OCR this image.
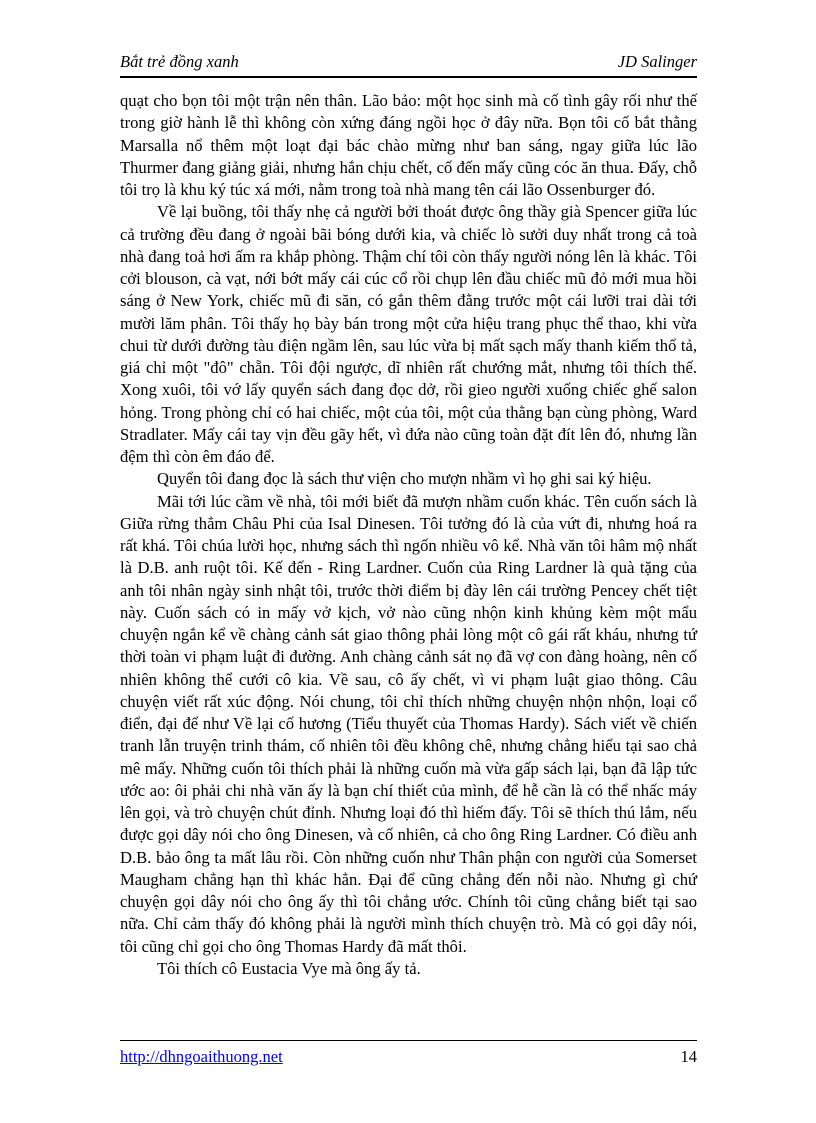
Bắt trẻ đồng xanh	JD Salinger

quạt cho bọn tôi một trận nên thân. Lão bảo: một học sinh mà cố tình gây rối như thế trong giờ hành lễ thì không còn xứng đáng ngồi học ở đây nữa. Bọn tôi cố bắt thằng Marsalla nổ thêm một loạt đại bác chào mừng như ban sáng, ngay giữa lúc lão Thurmer đang giảng giải, nhưng hắn chịu chết, cố đến mấy cũng cóc ăn thua. Đấy, chỗ tôi trọ là khu ký túc xá mới, nằm trong toà nhà mang tên cái lão Ossenburger đó.

Về lại buồng, tôi thấy nhẹ cả người bởi thoát được ông thầy già Spencer giữa lúc cả trường đều đang ở ngoài bãi bóng dưới kia, và chiếc lò sưởi duy nhất trong cả toà nhà đang toả hơi ấm ra khắp phòng. Thậm chí tôi còn thấy người nóng lên là khác. Tôi cởi blouson, cà vạt, nới bớt mấy cái cúc cổ rồi chụp lên đầu chiếc mũ đỏ mới mua hồi sáng ở New York, chiếc mũ đi săn, có gắn thêm đằng trước một cái lưỡi trai dài tới mười lăm phân. Tôi thấy họ bày bán trong một cửa hiệu trang phục thể thao, khi vừa chui từ dưới đường tàu điện ngầm lên, sau lúc vừa bị mất sạch mấy thanh kiếm thổ tả, giá chỉ một "đô" chẵn. Tôi đội ngược, dĩ nhiên rất chướng mắt, nhưng tôi thích thế. Xong xuôi, tôi vớ lấy quyển sách đang đọc dở, rồi gieo người xuống chiếc ghế salon hỏng. Trong phòng chỉ có hai chiếc, một của tôi, một của thằng bạn cùng phòng, Ward Stradlater. Mấy cái tay vịn đều gãy hết, vì đứa nào cũng toàn đặt đít lên đó, nhưng lần đệm thì còn êm đáo để.

Quyển tôi đang đọc là sách thư viện cho mượn nhầm vì họ ghi sai ký hiệu.

Mãi tới lúc cầm về nhà, tôi mới biết đã mượn nhầm cuốn khác. Tên cuốn sách là Giữa rừng thẳm Châu Phi của Isal Dinesen. Tôi tưởng đó là của vứt đi, nhưng hoá ra rất khá. Tôi chúa lười học, nhưng sách thì ngốn nhiều vô kể. Nhà văn tôi hâm mộ nhất là D.B. anh ruột tôi. Kế đến - Ring Lardner. Cuốn của Ring Lardner là quà tặng của anh tôi nhân ngày sinh nhật tôi, trước thời điểm bị đày lên cái trường Pencey chết tiệt này. Cuốn sách có in mấy vở kịch, vở nào cũng nhộn kinh khủng kèm một mẩu chuyện ngắn kể về chàng cảnh sát giao thông phải lòng một cô gái rất kháu, nhưng tứ thời toàn vi phạm luật đi đường. Anh chàng cảnh sát nọ đã vợ con đàng hoàng, nên cố nhiên không thể cưới cô kia. Về sau, cô ấy chết, vì vi phạm luật giao thông. Câu chuyện viết rất xúc động. Nói chung, tôi chỉ thích những chuyện nhộn nhộn, loại cổ điển, đại để như Về lại cố hương (Tiểu thuyết của Thomas Hardy). Sách viết về chiến tranh lẫn truyện trinh thám, cố nhiên tôi đều không chê, nhưng chẳng hiểu tại sao chả mê mấy. Những cuốn tôi thích phải là những cuốn mà vừa gấp sách lại, bạn đã lập tức ước ao: ôi phải chi nhà văn ấy là bạn chí thiết của mình, để hễ cần là có thể nhấc máy lên gọi, và trò chuyện chút đỉnh. Nhưng loại đó thì hiếm đấy. Tôi sẽ thích thú lắm, nếu được gọi dây nói cho ông Dinesen, và cố nhiên, cả cho ông Ring Lardner. Có điều anh D.B. bảo ông ta mất lâu rồi. Còn những cuốn như Thân phận con người của Somerset Maugham chẳng hạn thì khác hẳn. Đại để cũng chẳng đến nỗi nào. Nhưng gì chứ chuyện gọi dây nói cho ông ấy thì tôi chẳng ước. Chính tôi cũng chẳng biết tại sao nữa. Chỉ cảm thấy đó không phải là người mình thích chuyện trò. Mà có gọi dây nói, tôi cũng chỉ gọi cho ông Thomas Hardy đã mất thôi.

Tôi thích cô Eustacia Vye mà ông ấy tả.

http://dhngoaithuong.net	14
